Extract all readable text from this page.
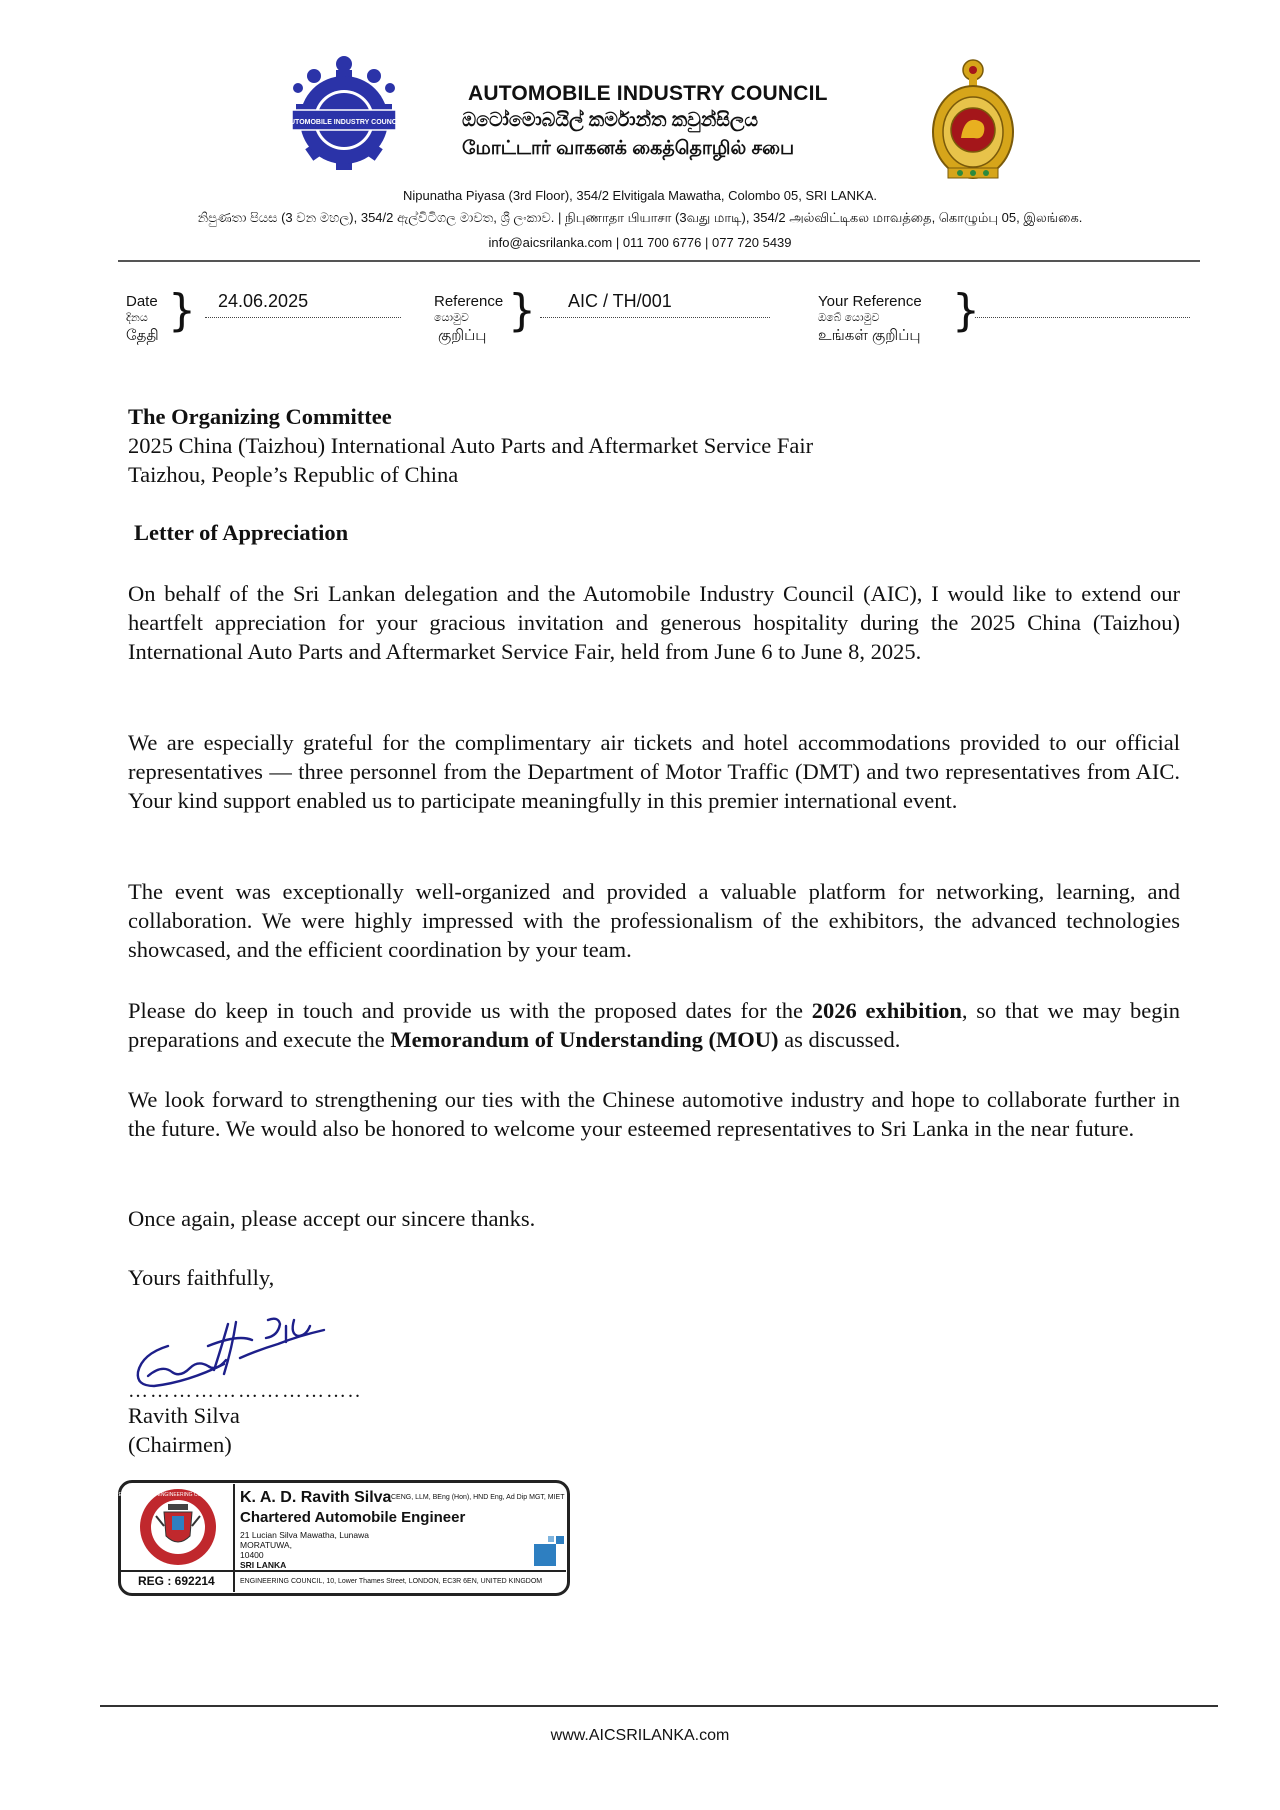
AUTOMOBILE INDUSTRY COUNCIL
AUTOMOBILE INDUSTRY COUNCIL
ඔටෝමොබයිල් කර්මාන්ත කවුන්සිලය
மோட்டார் வாகனக் கைத்தொழில் சபை
Nipunatha Piyasa (3rd Floor), 354/2 Elvitigala Mawatha, Colombo 05, SRI LANKA.
නිපුණතා පියස (3 වන මහල), 354/2 ඇල්විටිගල මාවත, ශ්‍රී ලංකාව. | நிபுணாதா பியாசா (3வது மாடி), 354/2 அல்விட்டிகல மாவத்தை, கொழும்பு 05, இலங்கை.
info@aicsrilanka.com | 011 700 6776 | 077 720 5439
Date
දිනය
தேதி } 24.06.2025	Reference
යොමුව
குறிப்பு } AIC / TH/001	Your Reference
ඔබේ යොමුව
உங்கள் குறிப்பு }
The Organizing Committee
2025 China (Taizhou) International Auto Parts and Aftermarket Service Fair
Taizhou, People’s Republic of China
Letter of Appreciation
On behalf of the Sri Lankan delegation and the Automobile Industry Council (AIC), I would like to extend our heartfelt appreciation for your gracious invitation and generous hospitality during the 2025 China (Taizhou) International Auto Parts and Aftermarket Service Fair, held from June 6 to June 8, 2025.
We are especially grateful for the complimentary air tickets and hotel accommodations provided to our official representatives — three personnel from the Department of Motor Traffic (DMT) and two representatives from AIC. Your kind support enabled us to participate meaningfully in this premier international event.
The event was exceptionally well-organized and provided a valuable platform for networking, learning, and collaboration. We were highly impressed with the professionalism of the exhibitors, the advanced technologies showcased, and the efficient coordination by your team.
Please do keep in touch and provide us with the proposed dates for the 2026 exhibition, so that we may begin preparations and execute the Memorandum of Understanding (MOU) as discussed.
We look forward to strengthening our ties with the Chinese automotive industry and hope to collaborate further in the future. We would also be honored to welcome your esteemed representatives to Sri Lanka in the near future.
Once again, please accept our sincere thanks.
Yours faithfully,
…………………………..
Ravith Silva
(Chairmen)
CHARTERED ENGINEER · ENGINEERING COUNCIL UNITED KINGDOM
K. A. D. Ravith Silva CENG, LLM, BEng (Hon), HND Eng, Ad Dip MGT, MIET
Chartered Automobile Engineer
21 Lucian Silva Mawatha, Lunawa
MORATUWA,
10400
SRI LANKA
REG : 692214	ENGINEERING COUNCIL, 10, Lower Thames Street, LONDON, EC3R 6EN, UNITED KINGDOM
www.AICSRILANKA.com
